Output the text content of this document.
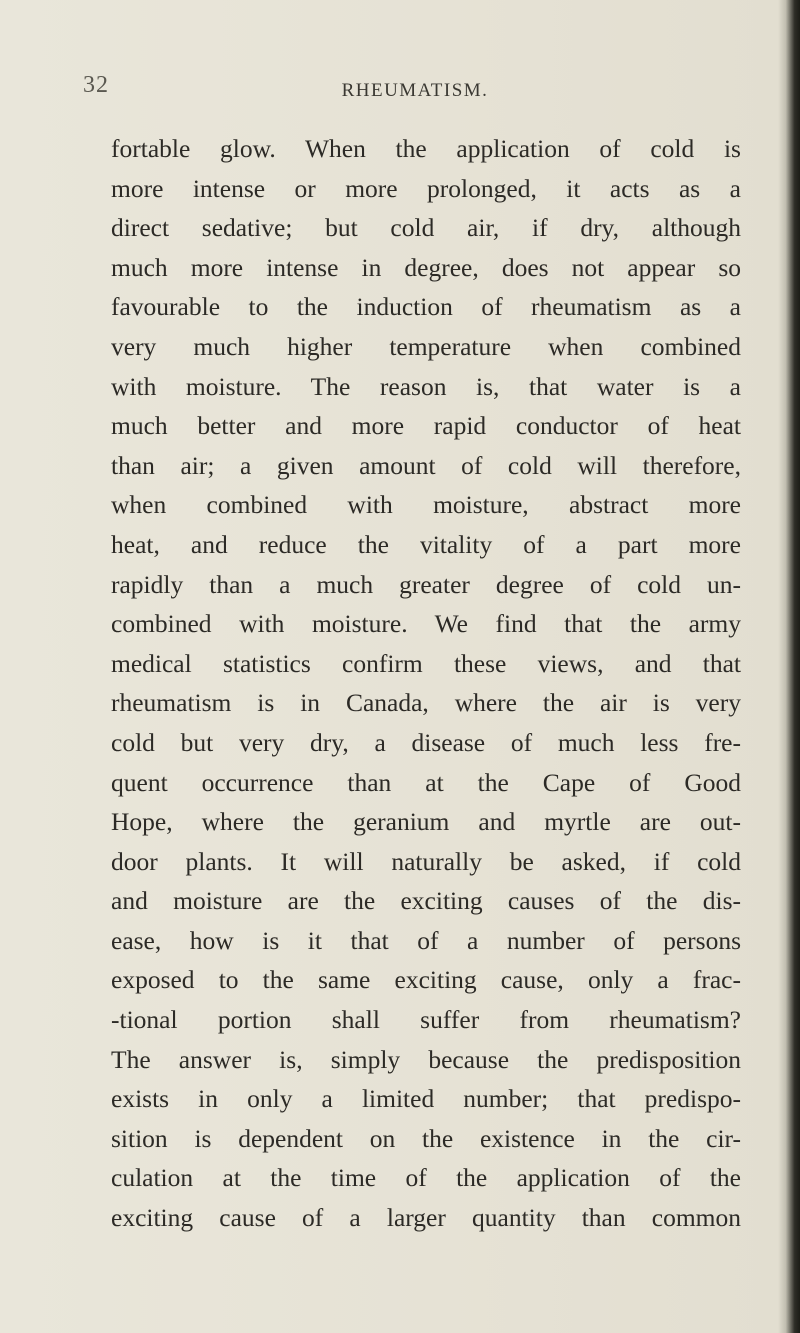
32	RHEUMATISM.
fortable glow. When the application of cold is
more intense or more prolonged, it acts as a
direct sedative; but cold air, if dry, although
much more intense in degree, does not appear so
favourable to the induction of rheumatism as a
very much higher temperature when combined
with moisture. The reason is, that water is a
much better and more rapid conductor of heat
than air; a given amount of cold will therefore,
when combined with moisture, abstract more
heat, and reduce the vitality of a part more
rapidly than a much greater degree of cold un-
combined with moisture. We find that the army
medical statistics confirm these views, and that
rheumatism is in Canada, where the air is very
cold but very dry, a disease of much less fre-
quent occurrence than at the Cape of Good
Hope, where the geranium and myrtle are out-
door plants. It will naturally be asked, if cold
and moisture are the exciting causes of the dis-
ease, how is it that of a number of persons
exposed to the same exciting cause, only a frac-
-tional portion shall suffer from rheumatism?
The answer is, simply because the predisposition
exists in only a limited number; that predispo-
sition is dependent on the existence in the cir-
culation at the time of the application of the
exciting cause of a larger quantity than common
